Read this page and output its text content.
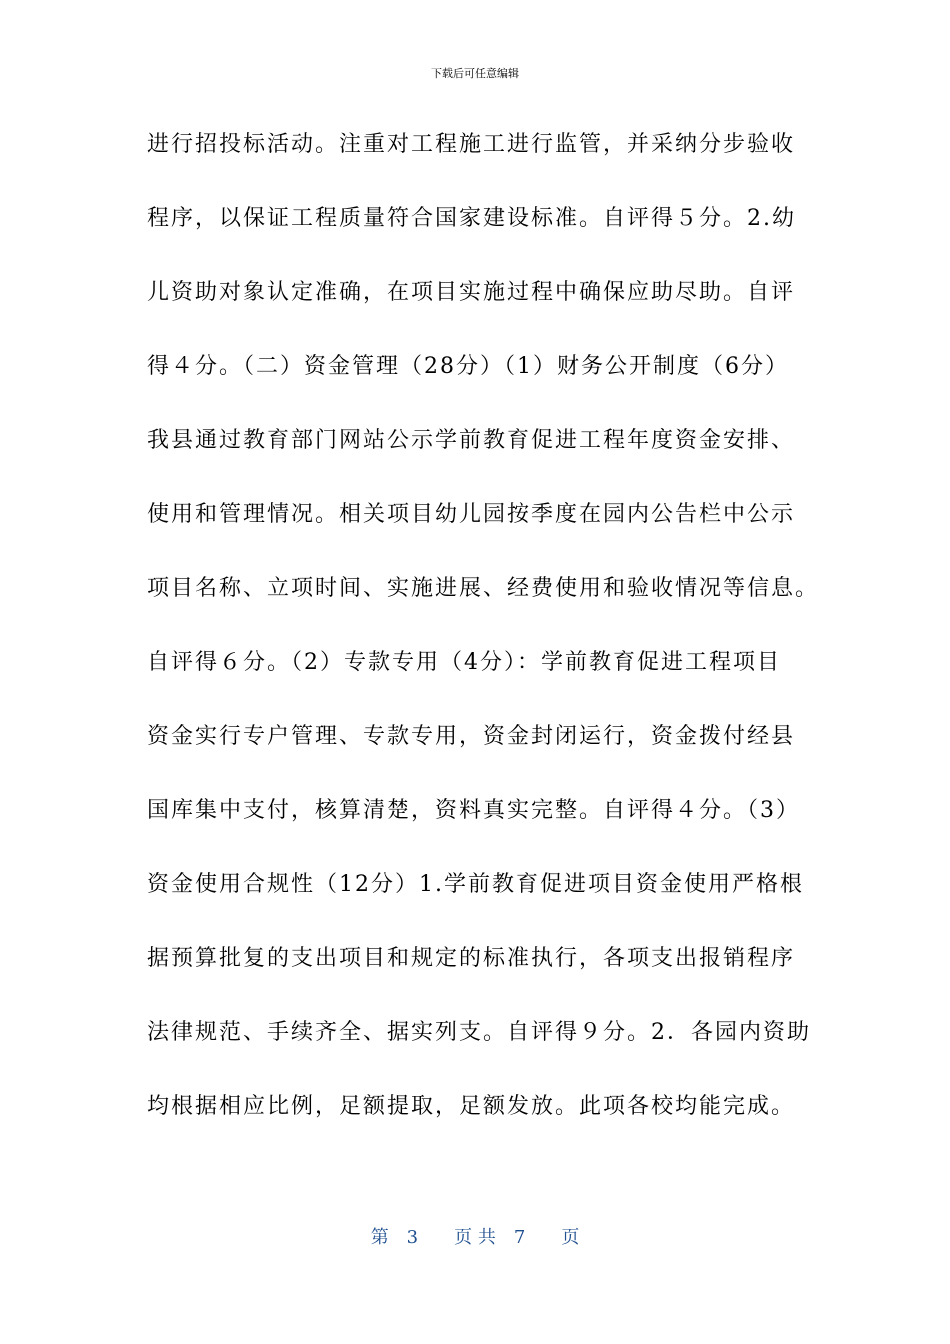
下载后可任意编辑
进行招投标活动。注重对工程施工进行监管，并采纳分步验收
程序，以保证工程质量符合国家建设标准。自评得５分。2.幼
儿资助对象认定准确，在项目实施过程中确保应助尽助。自评
得４分。（二）资金管理（28分）（1）财务公开制度（6分）
我县通过教育部门网站公示学前教育促进工程年度资金安排、
使用和管理情况。相关项目幼儿园按季度在园内公告栏中公示
项目名称、立项时间、实施进展、经费使用和验收情况等信息。
自评得６分。（2）专款专用（4分）：学前教育促进工程项目
资金实行专户管理、专款专用，资金封闭运行，资金拨付经县
国库集中支付，核算清楚，资料真实完整。自评得４分。（3）
资金使用合规性（12分）1.学前教育促进项目资金使用严格根
据预算批复的支出项目和规定的标准执行，各项支出报销程序
法律规范、手续齐全、据实列支。自评得９分。2．各园内资助
均根据相应比例，足额提取，足额发放。此项各校均能完成。
第　3　　页 共　7　　页
